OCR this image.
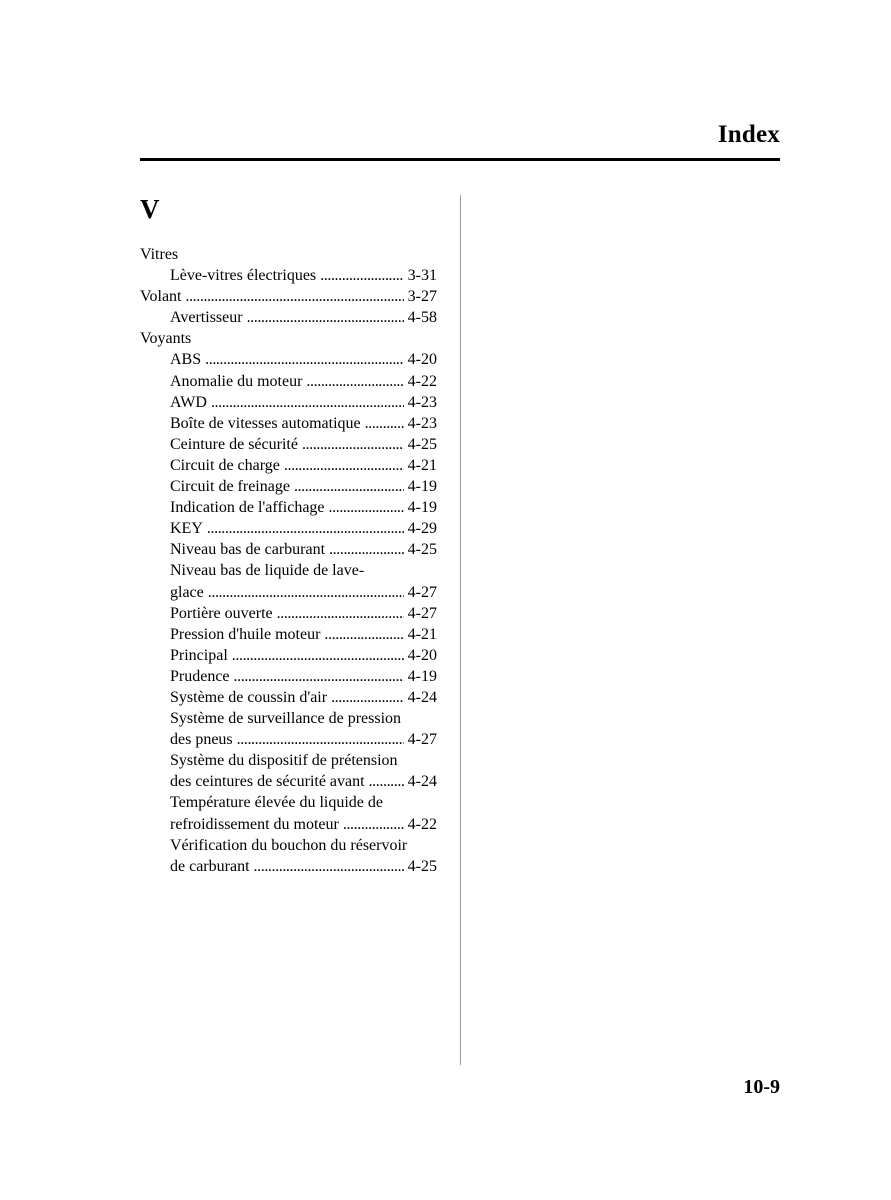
Index
V
Vitres
Lève-vitres électriques . . .	3-31
Volant . . .	3-27
Avertisseur . . .	4-58
Voyants
ABS . . .	4-20
Anomalie du moteur . . .	4-22
AWD . . .	4-23
Boîte de vitesses automatique . . .	4-23
Ceinture de sécurité . . .	4-25
Circuit de charge . . .	4-21
Circuit de freinage . . .	4-19
Indication de l'affichage . . .	4-19
KEY . . .	4-29
Niveau bas de carburant . . .	4-25
Niveau bas de liquide de lave-
glace . . .	4-27
Portière ouverte . . .	4-27
Pression d'huile moteur . . .	4-21
Principal . . .	4-20
Prudence . . .	4-19
Système de coussin d'air . . .	4-24
Système de surveillance de pression
des pneus . . .	4-27
Système du dispositif de prétension
des ceintures de sécurité avant . . .	4-24
Température élevée du liquide de
refroidissement du moteur . . .	4-22
Vérification du bouchon du réservoir
de carburant . . .	4-25
10-9
